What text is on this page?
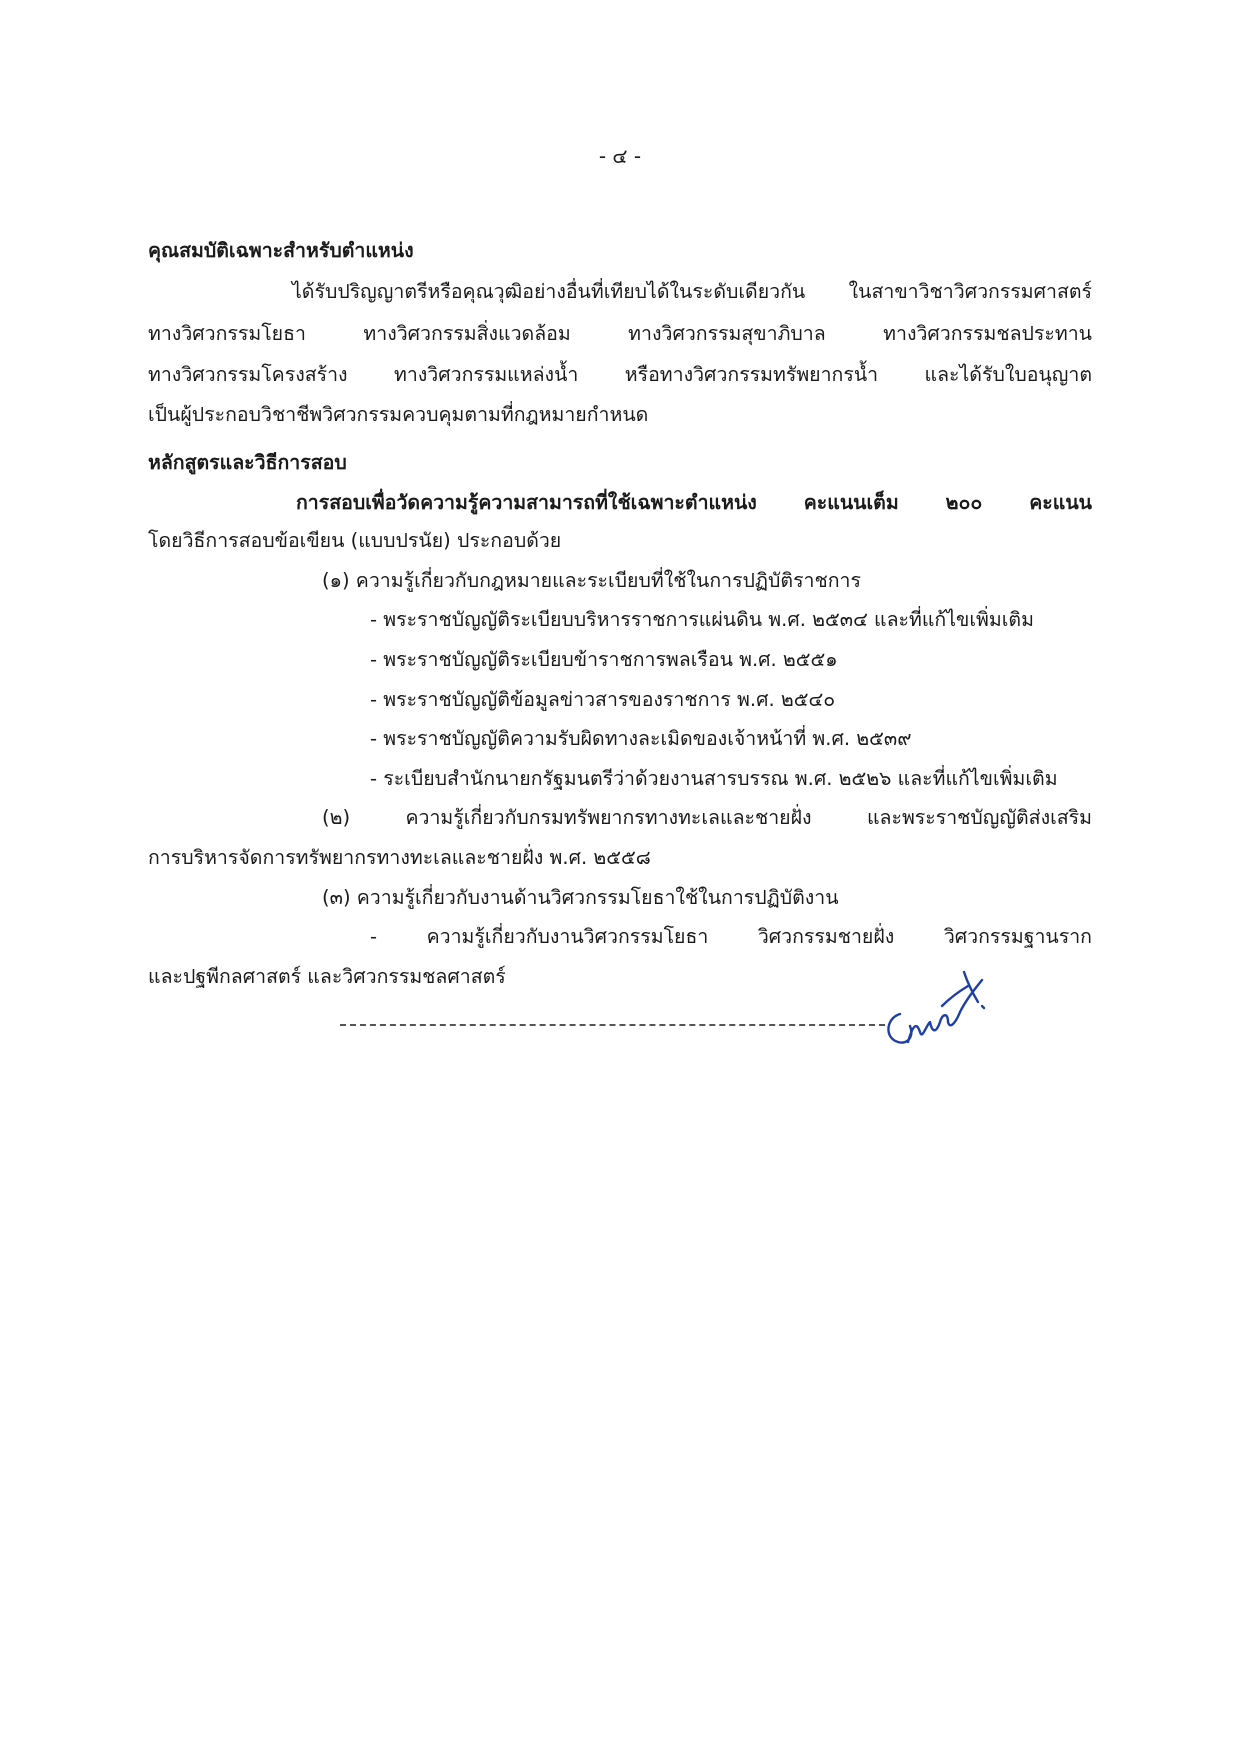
- ๔ -
คุณสมบัติเฉพาะสำหรับตำแหน่ง
ได้รับปริญญาตรีหรือคุณวุฒิอย่างอื่นที่เทียบได้ในระดับเดียวกัน ในสาขาวิชาวิศวกรรมศาสตร์
ทางวิศวกรรมโยธา ทางวิศวกรรมสิ่งแวดล้อม ทางวิศวกรรมสุขาภิบาล ทางวิศวกรรมชลประทาน
ทางวิศวกรรมโครงสร้าง ทางวิศวกรรมแหล่งน้ำ หรือทางวิศวกรรมทรัพยากรน้ำ และได้รับใบอนุญาต
เป็นผู้ประกอบวิชาชีพวิศวกรรมควบคุมตามที่กฎหมายกำหนด
หลักสูตรและวิธีการสอบ
การสอบเพื่อวัดความรู้ความสามารถที่ใช้เฉพาะตำแหน่ง คะแนนเต็ม ๒๐๐ คะแนน
โดยวิธีการสอบข้อเขียน (แบบปรนัย) ประกอบด้วย
(๑) ความรู้เกี่ยวกับกฎหมายและระเบียบที่ใช้ในการปฏิบัติราชการ
- พระราชบัญญัติระเบียบบริหารราชการแผ่นดิน พ.ศ. ๒๕๓๔ และที่แก้ไขเพิ่มเติม
- พระราชบัญญัติระเบียบข้าราชการพลเรือน พ.ศ. ๒๕๕๑
- พระราชบัญญัติข้อมูลข่าวสารของราชการ พ.ศ. ๒๕๔๐
- พระราชบัญญัติความรับผิดทางละเมิดของเจ้าหน้าที่ พ.ศ. ๒๕๓๙
- ระเบียบสำนักนายกรัฐมนตรีว่าด้วยงานสารบรรณ พ.ศ. ๒๕๒๖ และที่แก้ไขเพิ่มเติม
(๒) ความรู้เกี่ยวกับกรมทรัพยากรทางทะเลและชายฝั่ง และพระราชบัญญัติส่งเสริม
การบริหารจัดการทรัพยากรทางทะเลและชายฝั่ง พ.ศ. ๒๕๕๘
(๓) ความรู้เกี่ยวกับงานด้านวิศวกรรมโยธาใช้ในการปฏิบัติงาน
- ความรู้เกี่ยวกับงานวิศวกรรมโยธา วิศวกรรมชายฝั่ง วิศวกรรมฐานราก
และปฐพีกลศาสตร์ และวิศวกรรมชลศาสตร์
